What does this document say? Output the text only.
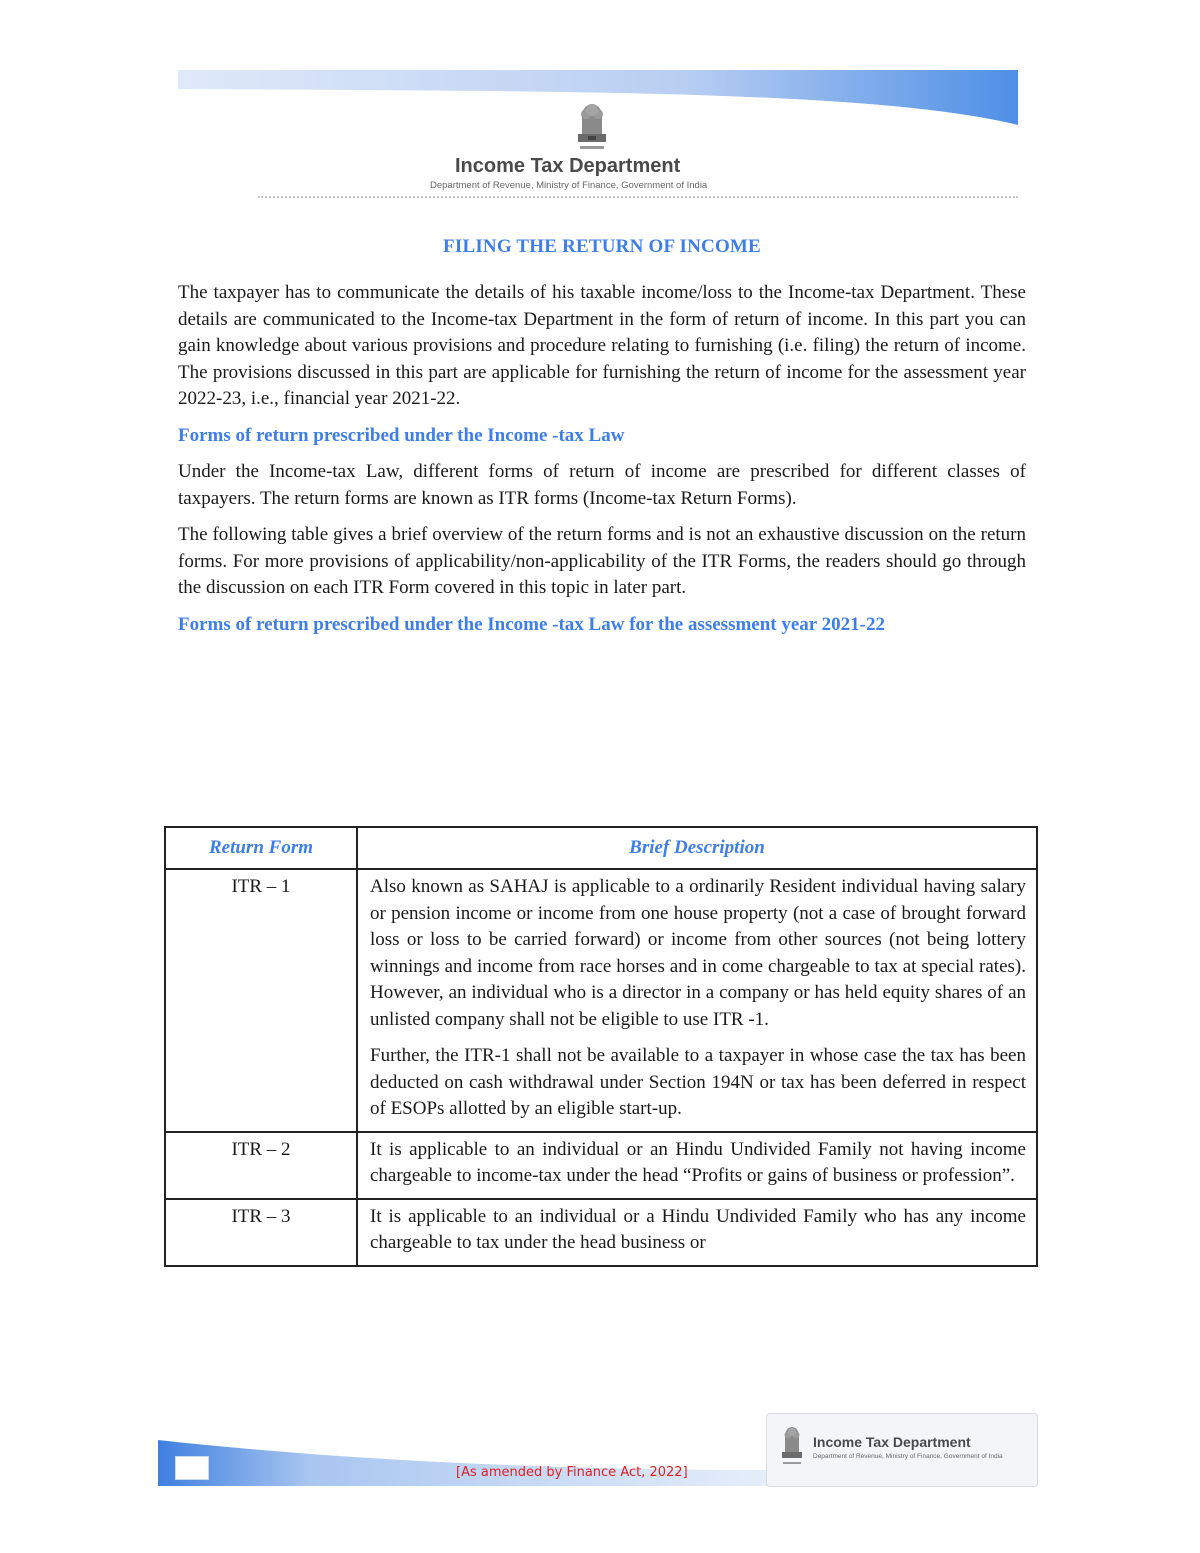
Income Tax Department
Department of Revenue, Ministry of Finance, Government of India
FILING THE RETURN OF INCOME

The taxpayer has to communicate the details of his taxable income/loss to the Income-tax Department. These details are communicated to the Income-tax Department in the form of return of income. In this part you can gain knowledge about various provisions and procedure relating to furnishing (i.e. filing) the return of income. The provisions discussed in this part are applicable for furnishing the return of income for the assessment year 2022-23, i.e., financial year 2021-22.

Forms of return prescribed under the Income -tax Law

Under the Income-tax Law, different forms of return of income are prescribed for different classes of taxpayers. The return forms are known as ITR forms (Income-tax Return Forms).

The following table gives a brief overview of the return forms and is not an exhaustive discussion on the return forms. For more provisions of applicability/non-applicability of the ITR Forms, the readers should go through the discussion on each ITR Form covered in this topic in later part.

Forms of return prescribed under the Income -tax Law for the assessment year 2021-22
Return Form	Brief Description
ITR – 1	Also known as SAHAJ is applicable to a ordinarily Resident individual having salary or pension income or income from one house property (not a case of brought forward loss or loss to be carried forward) or income from other sources (not being lottery winnings and income from race horses and in come chargeable to tax at special rates). However, an individual who is a director in a company or has held equity shares of an unlisted company shall not be eligible to use ITR -1.

Further, the ITR-1 shall not be available to a taxpayer in whose case the tax has been deducted on cash withdrawal under Section 194N or tax has been deferred in respect of ESOPs allotted by an eligible start-up.

ITR – 2	It is applicable to an individual or an Hindu Undivided Family not having income chargeable to income-tax under the head “Profits or gains of business or profession”.

ITR – 3	It is applicable to an individual or a Hindu Undivided Family who has any income chargeable to tax under the head business or

[As amended by Finance Act, 2022]
Income Tax Department
Department of Revenue, Ministry of Finance, Government of India
